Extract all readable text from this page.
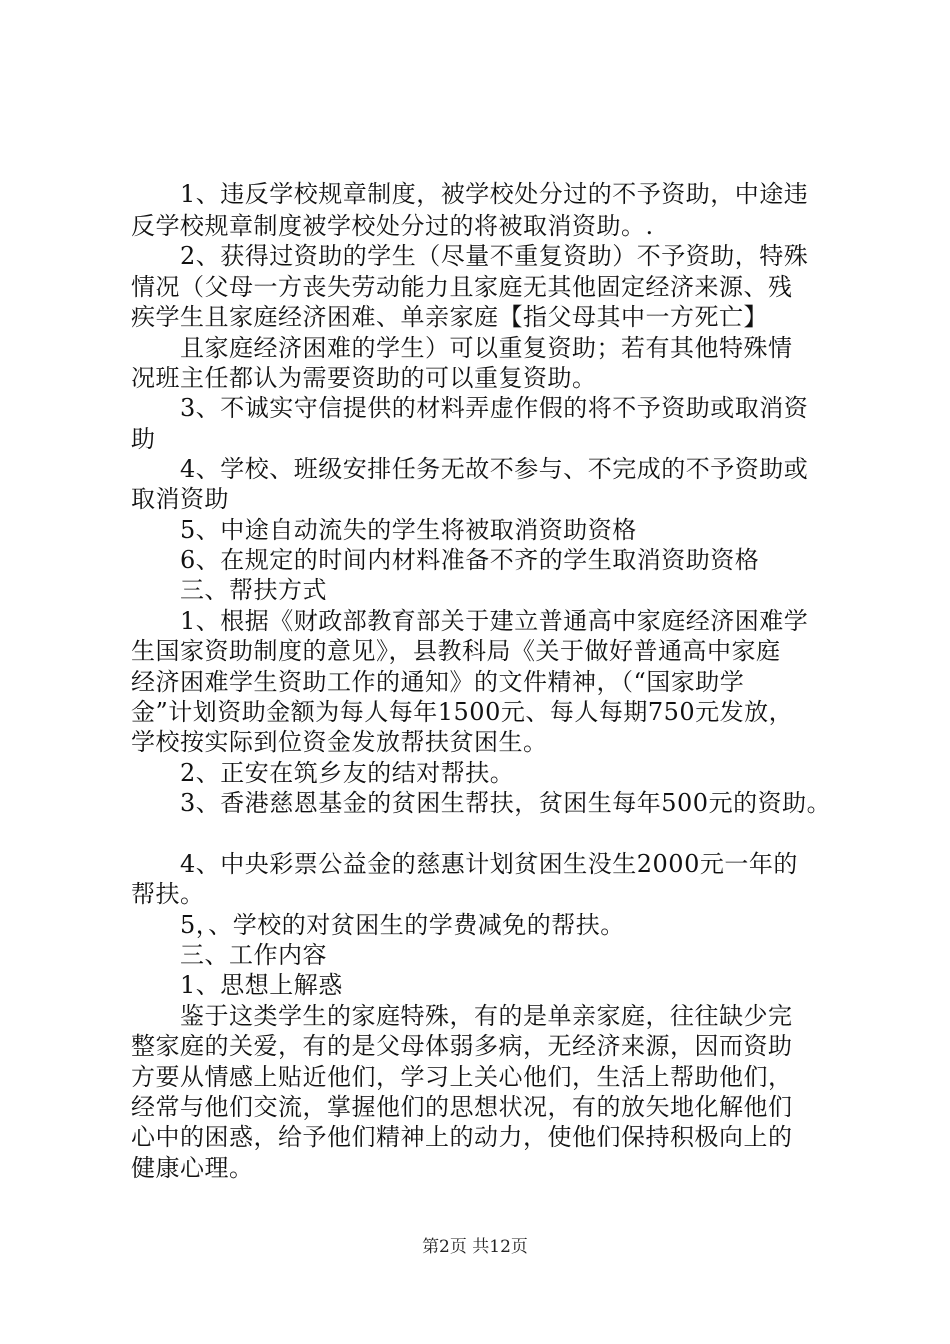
1、违反学校规章制度，被学校处分过的不予资助，中途违
反学校规章制度被学校处分过的将被取消资助。.
2、获得过资助的学生（尽量不重复资助）不予资助，特殊
情况（父母一方丧失劳动能力且家庭无其他固定经济来源、残
疾学生且家庭经济困难、单亲家庭【指父母其中一方死亡】
且家庭经济困难的学生）可以重复资助；若有其他特殊情
况班主任都认为需要资助的可以重复资助。
3、不诚实守信提供的材料弄虚作假的将不予资助或取消资
助
4、学校、班级安排任务无故不参与、不完成的不予资助或
取消资助
5、中途自动流失的学生将被取消资助资格
6、在规定的时间内材料准备不齐的学生取消资助资格
三、帮扶方式
1、根据《财政部教育部关于建立普通高中家庭经济困难学
生国家资助制度的意见》，县教科局《关于做好普通高中家庭
经济困难学生资助工作的通知》的文件精神，（“国家助学
金”计划资助金额为每人每年1500元、每人每期750元发放，
学校按实际到位资金发放帮扶贫困生。
2、正安在筑乡友的结对帮扶。
3、香港慈恩基金的贫困生帮扶，贫困生每年500元的资助。
4、中央彩票公益金的慈惠计划贫困生没生2000元一年的
帮扶。
5，、学校的对贫困生的学费减免的帮扶。
三、工作内容
1、思想上解惑
鉴于这类学生的家庭特殊，有的是单亲家庭，往往缺少完
整家庭的关爱，有的是父母体弱多病，无经济来源，因而资助
方要从情感上贴近他们，学习上关心他们，生活上帮助他们，
经常与他们交流，掌握他们的思想状况，有的放矢地化解他们
心中的困惑，给予他们精神上的动力，使他们保持积极向上的
健康心理。
第2页 共12页
